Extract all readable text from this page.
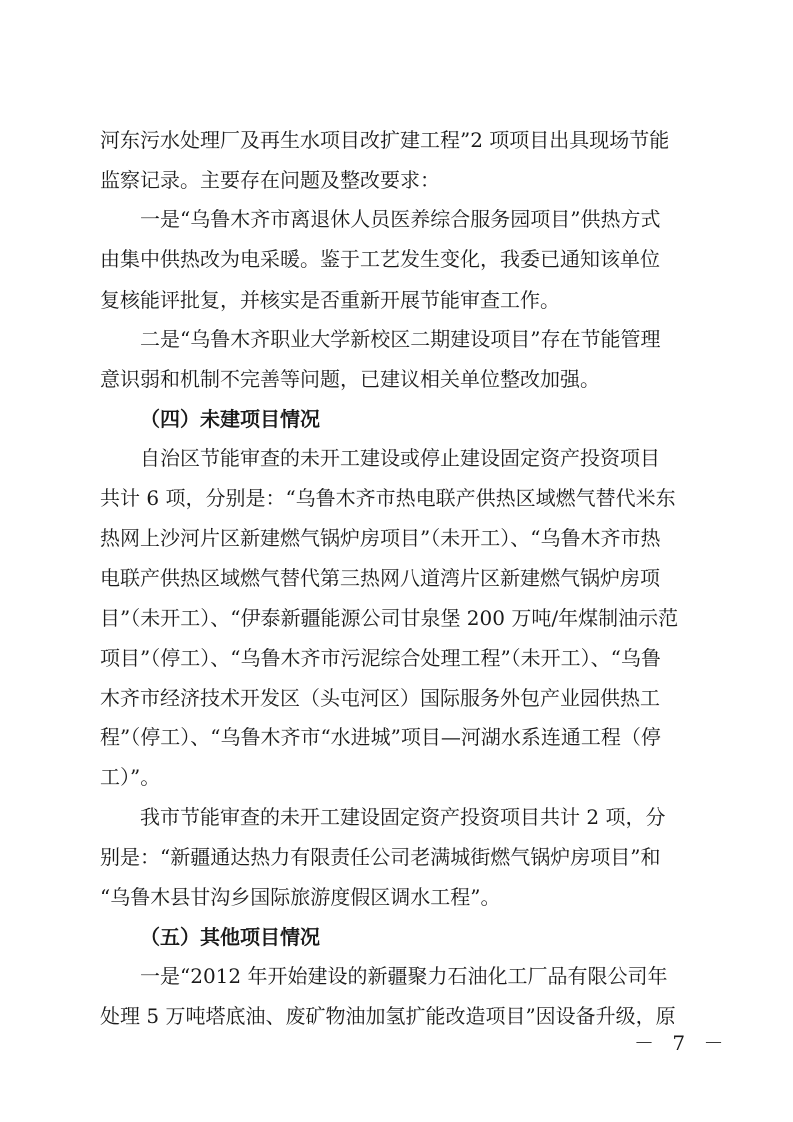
河东污水处理厂及再生水项目改扩建工程”2 项项目出具现场节能
监察记录。主要存在问题及整改要求：
一是“乌鲁木齐市离退休人员医养综合服务园项目”供热方式
由集中供热改为电采暖。鉴于工艺发生变化，我委已通知该单位
复核能评批复，并核实是否重新开展节能审查工作。
二是“乌鲁木齐职业大学新校区二期建设项目”存在节能管理
意识弱和机制不完善等问题，已建议相关单位整改加强。
（四）未建项目情况
自治区节能审查的未开工建设或停止建设固定资产投资项目
共计 6 项，分别是：“乌鲁木齐市热电联产供热区域燃气替代米东
热网上沙河片区新建燃气锅炉房项目”（未开工）、“乌鲁木齐市热
电联产供热区域燃气替代第三热网八道湾片区新建燃气锅炉房项
目”（未开工）、“伊泰新疆能源公司甘泉堡 200 万吨/年煤制油示范
项目”（停工）、“乌鲁木齐市污泥综合处理工程”（未开工）、“乌鲁
木齐市经济技术开发区（头屯河区）国际服务外包产业园供热工
程”（停工）、“乌鲁木齐市“水进城”项目—河湖水系连通工程（停
工）”。
我市节能审查的未开工建设固定资产投资项目共计 2 项，分
别是：“新疆通达热力有限责任公司老满城街燃气锅炉房项目”和
“乌鲁木县甘沟乡国际旅游度假区调水工程”。
（五）其他项目情况
一是“2012 年开始建设的新疆聚力石油化工厂品有限公司年
处理 5 万吨塔底油、废矿物油加氢扩能改造项目”因设备升级，原
－ 7 －
